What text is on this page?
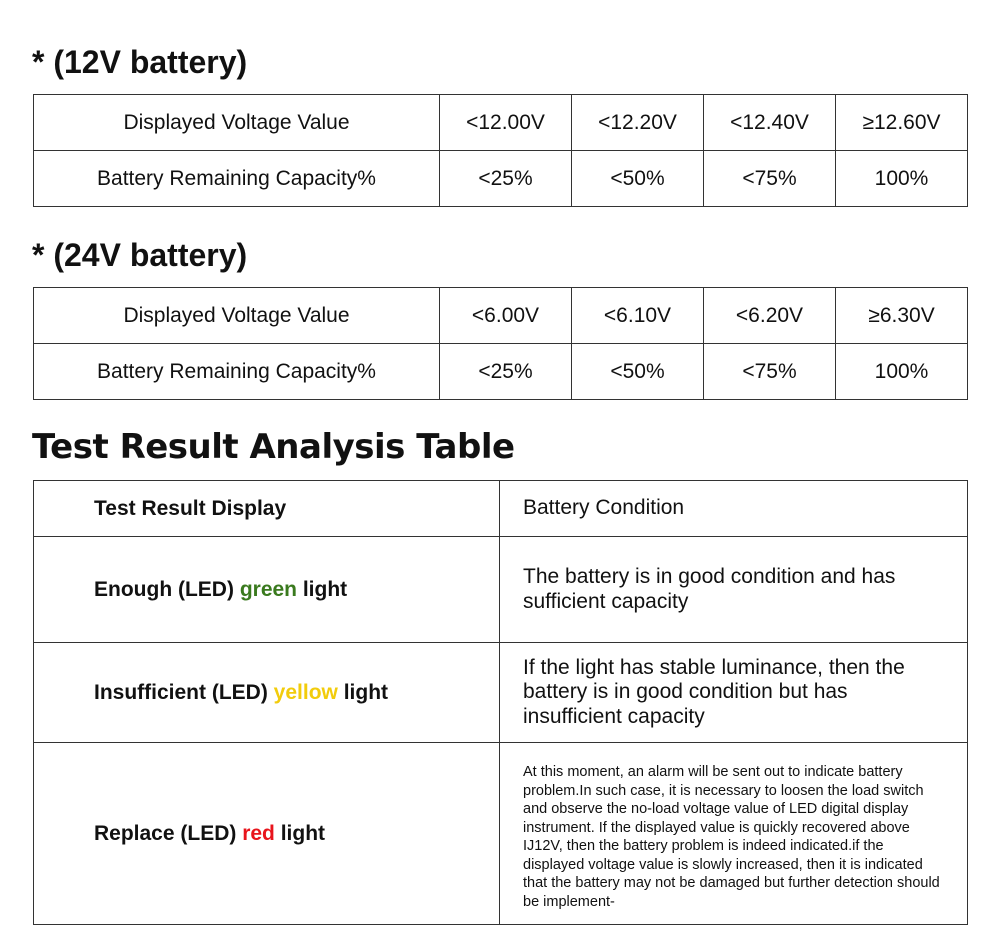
* (12V battery)
Displayed Voltage Value	<12.00V	<12.20V	<12.40V	≥12.60V
Battery Remaining Capacity%	<25%	<50%	<75%	100%
* (24V battery)
Displayed Voltage Value	<6.00V	<6.10V	<6.20V	≥6.30V
Battery Remaining Capacity%	<25%	<50%	<75%	100%
Test Result Analysis Table
Test Result Display	Battery Condition
Enough (LED) green light	The battery is in good condition and has sufficient capacity
Insufficient (LED) yellow light	If the light has stable luminance, then the battery is in good condition but has insufficient capacity
Replace (LED) red light	At this moment, an alarm will be sent out to indicate battery problem.In such case, it is necessary to loosen the load switch and observe the no-load voltage value of LED digital display instrument. If the displayed value is quickly recovered above IJ12V, then the battery problem is indeed indicated.if the displayed voltage value is slowly increased, then it is indicated that the battery may not be damaged but further detection should be implement-
